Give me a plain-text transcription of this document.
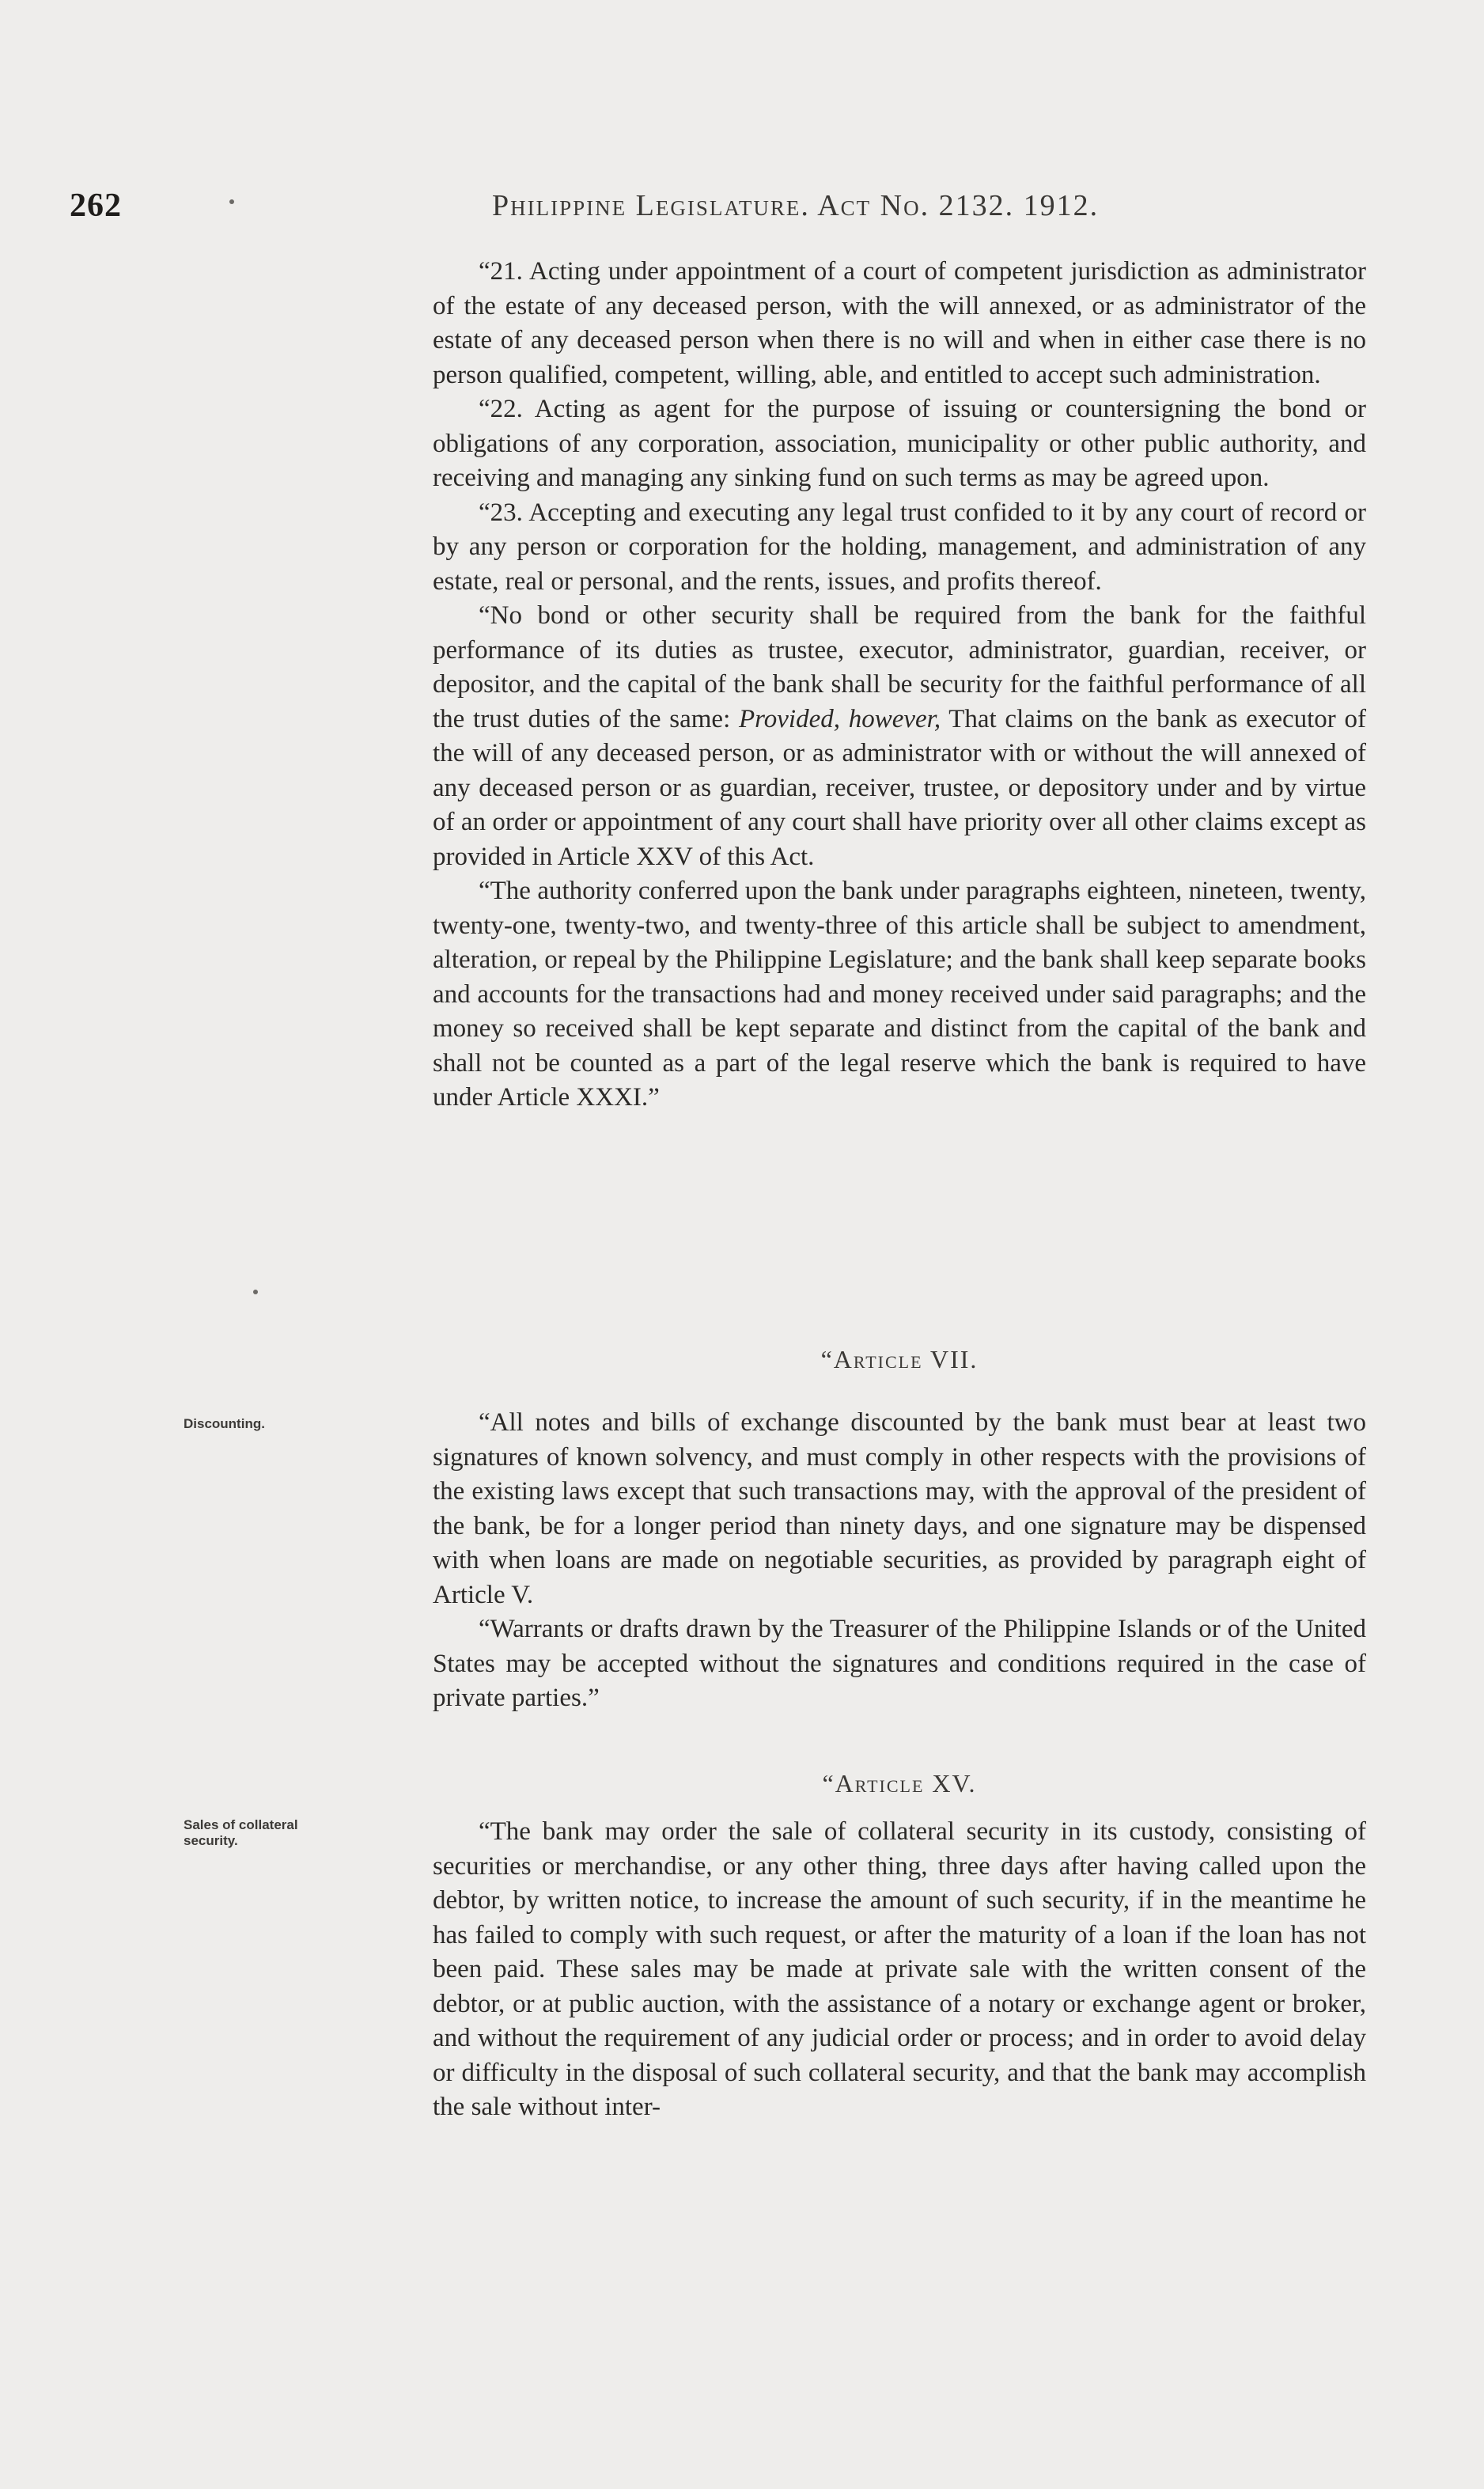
262	Philippine Legislature. Act No. 2132. 1912.

“21. Acting under appointment of a court of competent jurisdiction as administrator of the estate of any deceased person, with the will annexed, or as administrator of the estate of any deceased person when there is no will and when in either case there is no person qualified, competent, willing, able, and entitled to accept such administration.

“22. Acting as agent for the purpose of issuing or countersigning the bond or obligations of any corporation, association, municipality or other public authority, and receiving and managing any sinking fund on such terms as may be agreed upon.

“23. Accepting and executing any legal trust confided to it by any court of record or by any person or corporation for the holding, management, and administration of any estate, real or personal, and the rents, issues, and profits thereof.

“No bond or other security shall be required from the bank for the faithful performance of its duties as trustee, executor, administrator, guardian, receiver, or depositor, and the capital of the bank shall be security for the faithful performance of all the trust duties of the same: Provided, however, That claims on the bank as executor of the will of any deceased person, or as administrator with or without the will annexed of any deceased person or as guardian, receiver, trustee, or depository under and by virtue of an order or appointment of any court shall have priority over all other claims except as provided in Article XXV of this Act.

“The authority conferred upon the bank under paragraphs eighteen, nineteen, twenty, twenty-one, twenty-two, and twenty-three of this article shall be subject to amendment, alteration, or repeal by the Philippine Legislature; and the bank shall keep separate books and accounts for the transactions had and money received under said paragraphs; and the money so received shall be kept separate and distinct from the capital of the bank and shall not be counted as a part of the legal reserve which the bank is required to have under Article XXXI.”

“Article VII.
Discounting.	“All notes and bills of exchange discounted by the bank must bear at least two signatures of known solvency, and must comply in other respects with the provisions of the existing laws except that such transactions may, with the approval of the president of the bank, be for a longer period than ninety days, and one signature may be dispensed with when loans are made on negotiable securities, as provided by paragraph eight of Article V.

“Warrants or drafts drawn by the Treasurer of the Philippine Islands or of the United States may be accepted without the signatures and conditions required in the case of private parties.”

“Article XV.
Sales of collateral security.	“The bank may order the sale of collateral security in its custody, consisting of securities or merchandise, or any other thing, three days after having called upon the debtor, by written notice, to increase the amount of such security, if in the meantime he has failed to comply with such request, or after the maturity of a loan if the loan has not been paid. These sales may be made at private sale with the written consent of the debtor, or at public auction, with the assistance of a notary or exchange agent or broker, and without the requirement of any judicial order or process; and in order to avoid delay or difficulty in the disposal of such collateral security, and that the bank may accomplish the sale without inter-
